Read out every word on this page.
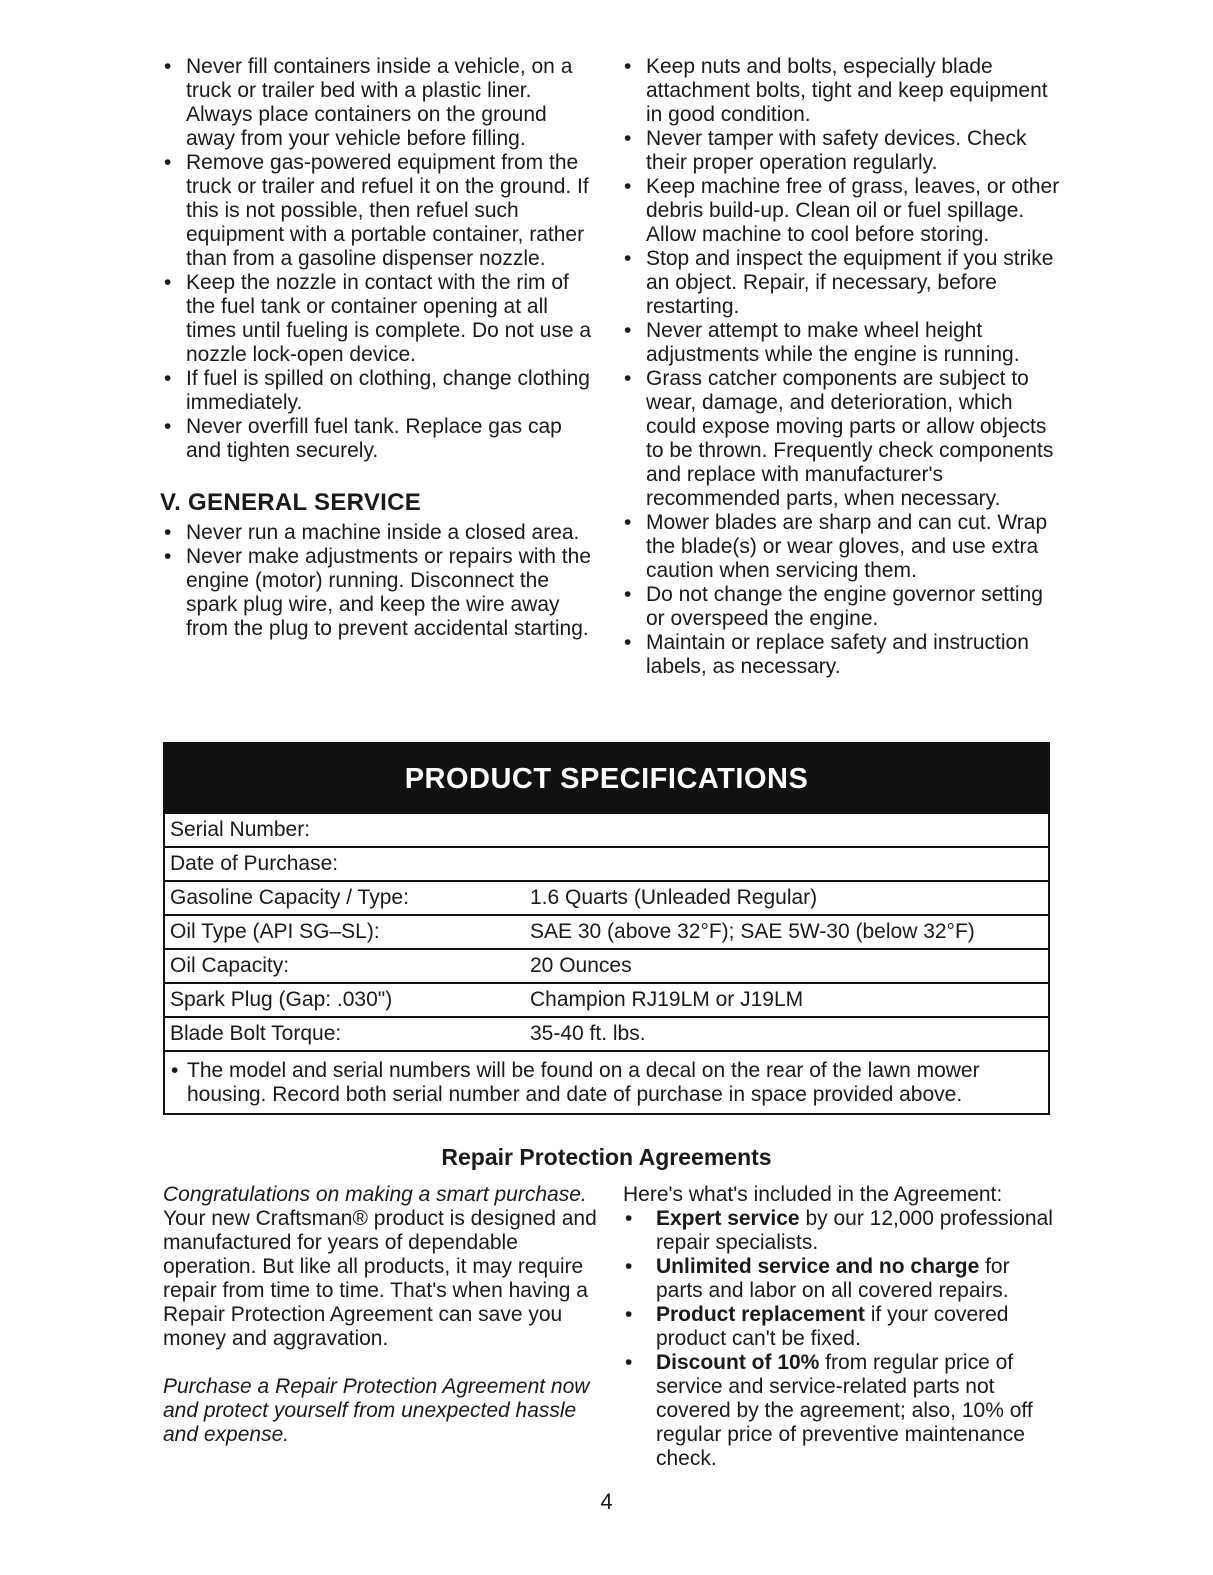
• Never fill containers inside a vehicle, on a truck or trailer bed with a plastic liner. Always place containers on the ground away from your vehicle before filling.
• Remove gas-powered equipment from the truck or trailer and refuel it on the ground. If this is not possible, then refuel such equipment with a portable container, rather than from a gasoline dispenser nozzle.
• Keep the nozzle in contact with the rim of the fuel tank or container opening at all times until fueling is complete. Do not use a nozzle lock-open device.
• If fuel is spilled on clothing, change clothing immediately.
• Never overfill fuel tank. Replace gas cap and tighten securely.
V. GENERAL SERVICE
• Never run a machine inside a closed area.
• Never make adjustments or repairs with the engine (motor) running. Disconnect the spark plug wire, and keep the wire away from the plug to prevent accidental starting.
• Keep nuts and bolts, especially blade attachment bolts, tight and keep equipment in good condition.
• Never tamper with safety devices. Check their proper operation regularly.
• Keep machine free of grass, leaves, or other debris build-up. Clean oil or fuel spillage. Allow machine to cool before storing.
• Stop and inspect the equipment if you strike an object. Repair, if necessary, before restarting.
• Never attempt to make wheel height adjustments while the engine is running.
• Grass catcher components are subject to wear, damage, and deterioration, which could expose moving parts or allow objects to be thrown. Frequently check components and replace with manufacturer's recommended parts, when necessary.
• Mower blades are sharp and can cut. Wrap the blade(s) or wear gloves, and use extra caution when servicing them.
• Do not change the engine governor setting or overspeed the engine.
• Maintain or replace safety and instruction labels, as necessary.
PRODUCT SPECIFICATIONS
Serial Number:
Date of Purchase:
Gasoline Capacity / Type:	1.6 Quarts (Unleaded Regular)
Oil Type (API SG–SL):	SAE 30 (above 32°F); SAE 5W-30 (below 32°F)
Oil Capacity:	20 Ounces
Spark Plug (Gap: .030")	Champion RJ19LM or J19LM
Blade Bolt Torque:	35-40 ft. lbs.
• The model and serial numbers will be found on a decal on the rear of the lawn mower housing. Record both serial number and date of purchase in space provided above.
Repair Protection Agreements

Congratulations on making a smart purchase. Your new Craftsman® product is designed and manufactured for years of dependable operation. But like all products, it may require repair from time to time. That's when having a Repair Protection Agreement can save you money and aggravation.

Purchase a Repair Protection Agreement now and protect yourself from unexpected hassle and expense.

Here's what's included in the Agreement:

• Expert service by our 12,000 professional repair specialists.
• Unlimited service and no charge for parts and labor on all covered repairs.
• Product replacement if your covered product can't be fixed.
• Discount of 10% from regular price of service and service-related parts not covered by the agreement; also, 10% off regular price of preventive maintenance check.
4
